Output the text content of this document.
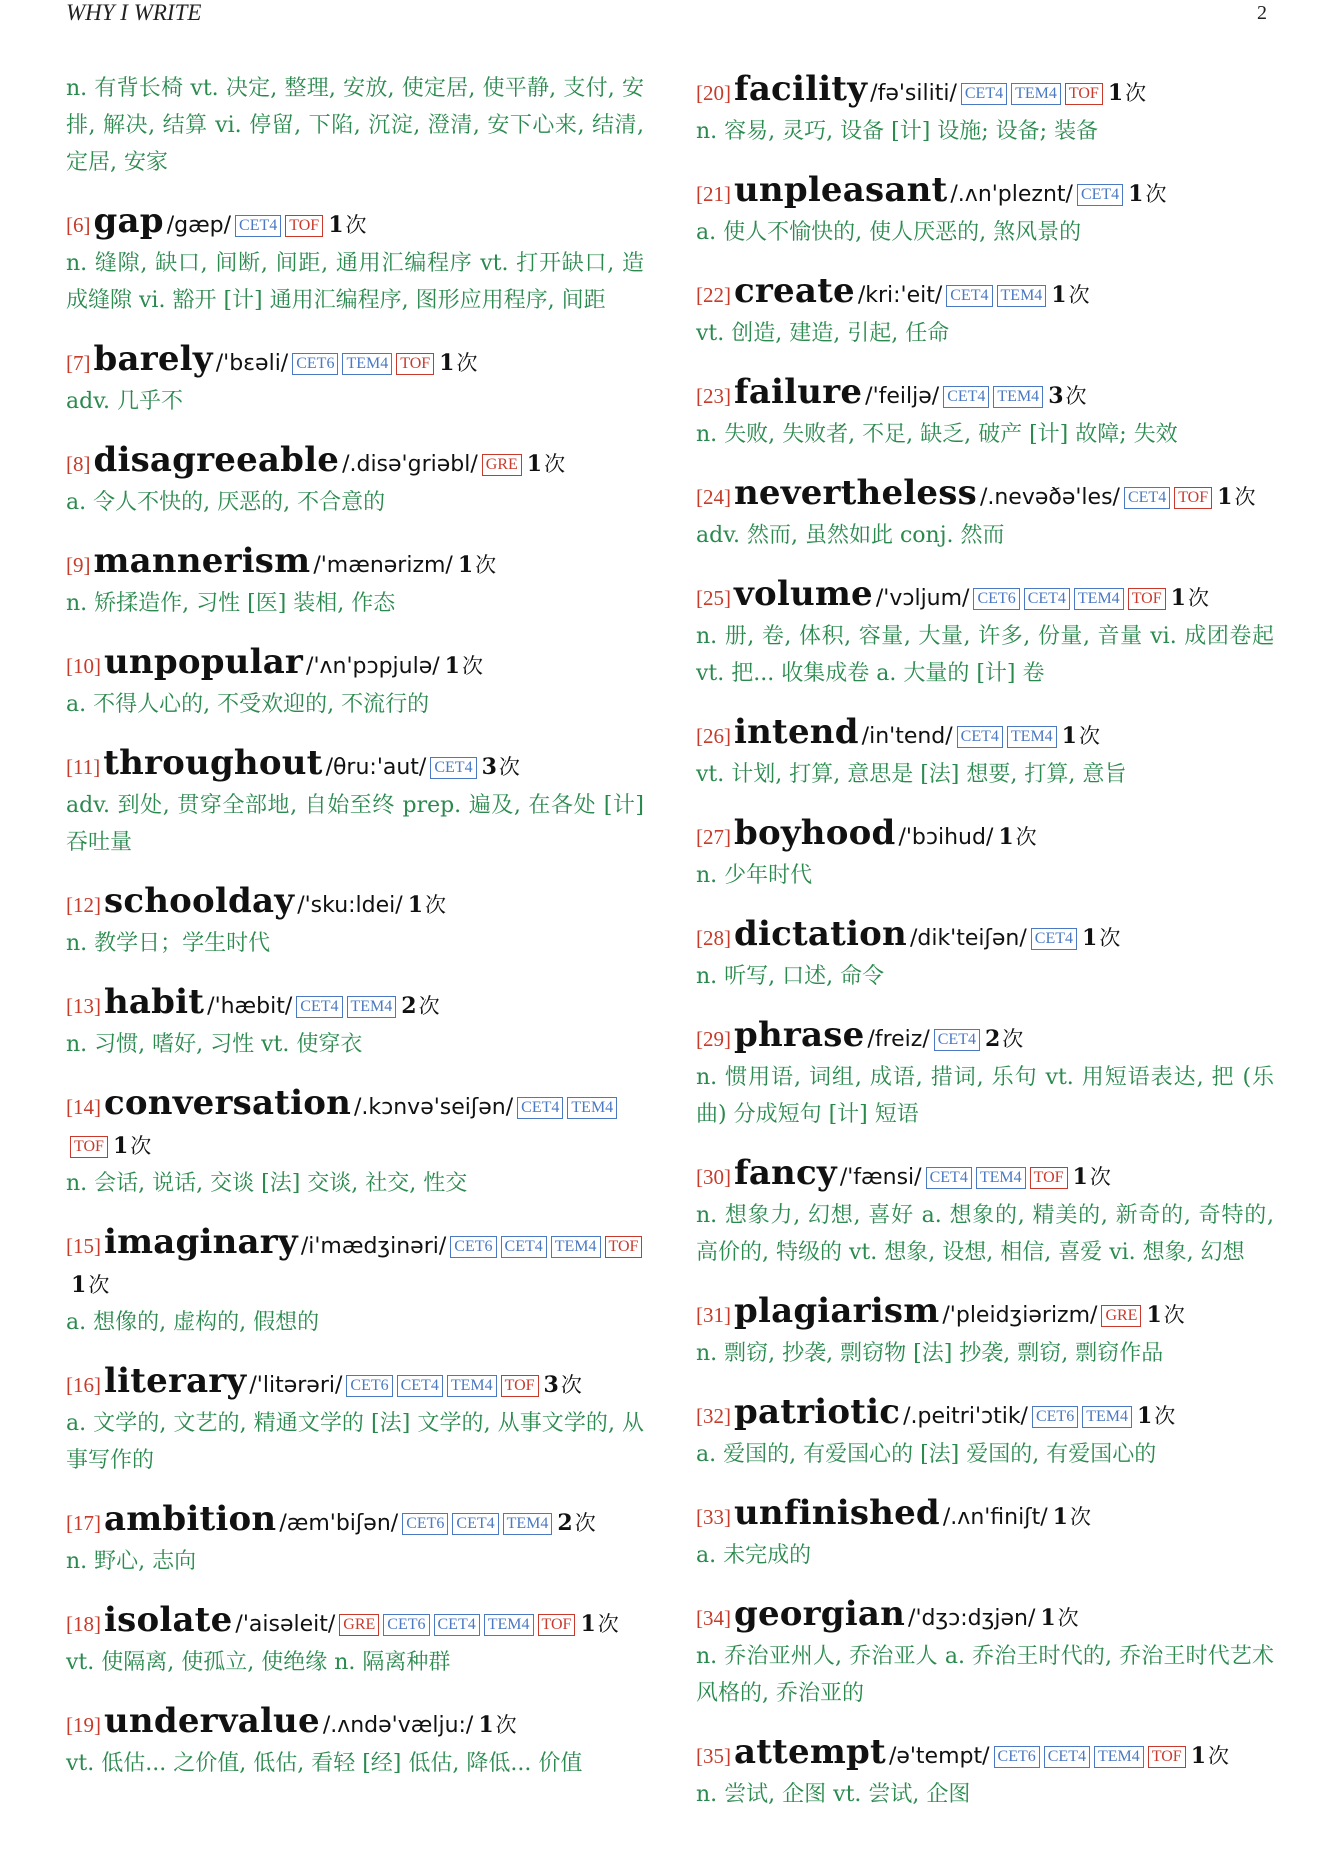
WHY I WRITE	2
n. 有背长椅 vt. 决定, 整理, 安放, 使定居, 使平静, 支付, 安排, 解决, 结算 vi. 停留, 下陷, 沉淀, 澄清, 安下心来, 结清, 定居, 安家
[6]gap /gæp/ CET4 TOF 1次
n. 缝隙, 缺口, 间断, 间距, 通用汇编程序 vt. 打开缺口, 造成缝隙 vi. 豁开 [计] 通用汇编程序, 图形应用程序, 间距
[7]barely /'bɛəli/ CET6 TEM4 TOF 1次
adv. 几乎不
[8]disagreeable /.disə'griəbl/ GRE 1次
a. 令人不快的, 厌恶的, 不合意的
[9]mannerism /'mænərizm/ 1次
n. 矫揉造作, 习性 [医] 装相, 作态
[10]unpopular /'ʌn'pɔpjulə/ 1次
a. 不得人心的, 不受欢迎的, 不流行的
[11]throughout /θru:'aut/ CET4 3次
adv. 到处, 贯穿全部地, 自始至终 prep. 遍及, 在各处 [计] 吞吐量
[12]schoolday /'sku:ldei/ 1次
n. 教学日；学生时代
[13]habit /'hæbit/ CET4 TEM4 2次
n. 习惯, 嗜好, 习性 vt. 使穿衣
[14]conversation /.kɔnvə'seiʃən/ CET4 TEM4TOF 1次
n. 会话, 说话, 交谈 [法] 交谈, 社交, 性交
[15]imaginary /i'mædʒinəri/ CET6 CET4 TEM4 TOF1次
a. 想像的, 虚构的, 假想的
[16]literary /'litərəri/ CET6 CET4 TEM4 TOF 3次
a. 文学的, 文艺的, 精通文学的 [法] 文学的, 从事文学的, 从事写作的
[17]ambition /æm'biʃən/ CET6 CET4 TEM4 2次
n. 野心, 志向
[18]isolate /'aisəleit/ GRE CET6 CET4 TEM4 TOF 1次
vt. 使隔离, 使孤立, 使绝缘 n. 隔离种群
[19]undervalue /.ʌndə'vælju:/ 1次
vt. 低估... 之价值, 低估, 看轻 [经] 低估, 降低... 价值
[20]facility /fə'siliti/ CET4 TEM4 TOF 1次
n. 容易, 灵巧, 设备 [计] 设施; 设备; 装备
[21]unpleasant /.ʌn'pleznt/ CET4 1次
a. 使人不愉快的, 使人厌恶的, 煞风景的
[22]create /kri:'eit/ CET4 TEM4 1次
vt. 创造, 建造, 引起, 任命
[23]failure /'feiljə/ CET4 TEM4 3次
n. 失败, 失败者, 不足, 缺乏, 破产 [计] 故障; 失效
[24]nevertheless /.nevəðə'les/ CET4 TOF 1次
adv. 然而, 虽然如此 conj. 然而
[25]volume /'vɔljum/ CET6 CET4 TEM4 TOF 1次
n. 册, 卷, 体积, 容量, 大量, 许多, 份量, 音量 vi. 成团卷起 vt. 把... 收集成卷 a. 大量的 [计] 卷
[26]intend /in'tend/ CET4 TEM4 1次
vt. 计划, 打算, 意思是 [法] 想要, 打算, 意旨
[27]boyhood /'bɔihud/ 1次
n. 少年时代
[28]dictation /dik'teiʃən/ CET4 1次
n. 听写, 口述, 命令
[29]phrase /freiz/ CET4 2次
n. 惯用语, 词组, 成语, 措词, 乐句 vt. 用短语表达, 把 (乐曲) 分成短句 [计] 短语
[30]fancy /'fænsi/ CET4 TEM4 TOF 1次
n. 想象力, 幻想, 喜好 a. 想象的, 精美的, 新奇的, 奇特的, 高价的, 特级的 vt. 想象, 设想, 相信, 喜爱 vi. 想象, 幻想
[31]plagiarism /'pleidʒiərizm/ GRE 1次
n. 剽窃, 抄袭, 剽窃物 [法] 抄袭, 剽窃, 剽窃作品
[32]patriotic /.peitri'ɔtik/ CET6 TEM4 1次
a. 爱国的, 有爱国心的 [法] 爱国的, 有爱国心的
[33]unfinished /.ʌn'finiʃt/ 1次
a. 未完成的
[34]georgian /'dʒɔ:dʒjən/ 1次
n. 乔治亚州人, 乔治亚人 a. 乔治王时代的, 乔治王时代艺术风格的, 乔治亚的
[35]attempt /ə'tempt/ CET6 CET4 TEM4 TOF 1次
n. 尝试, 企图 vt. 尝试, 企图
